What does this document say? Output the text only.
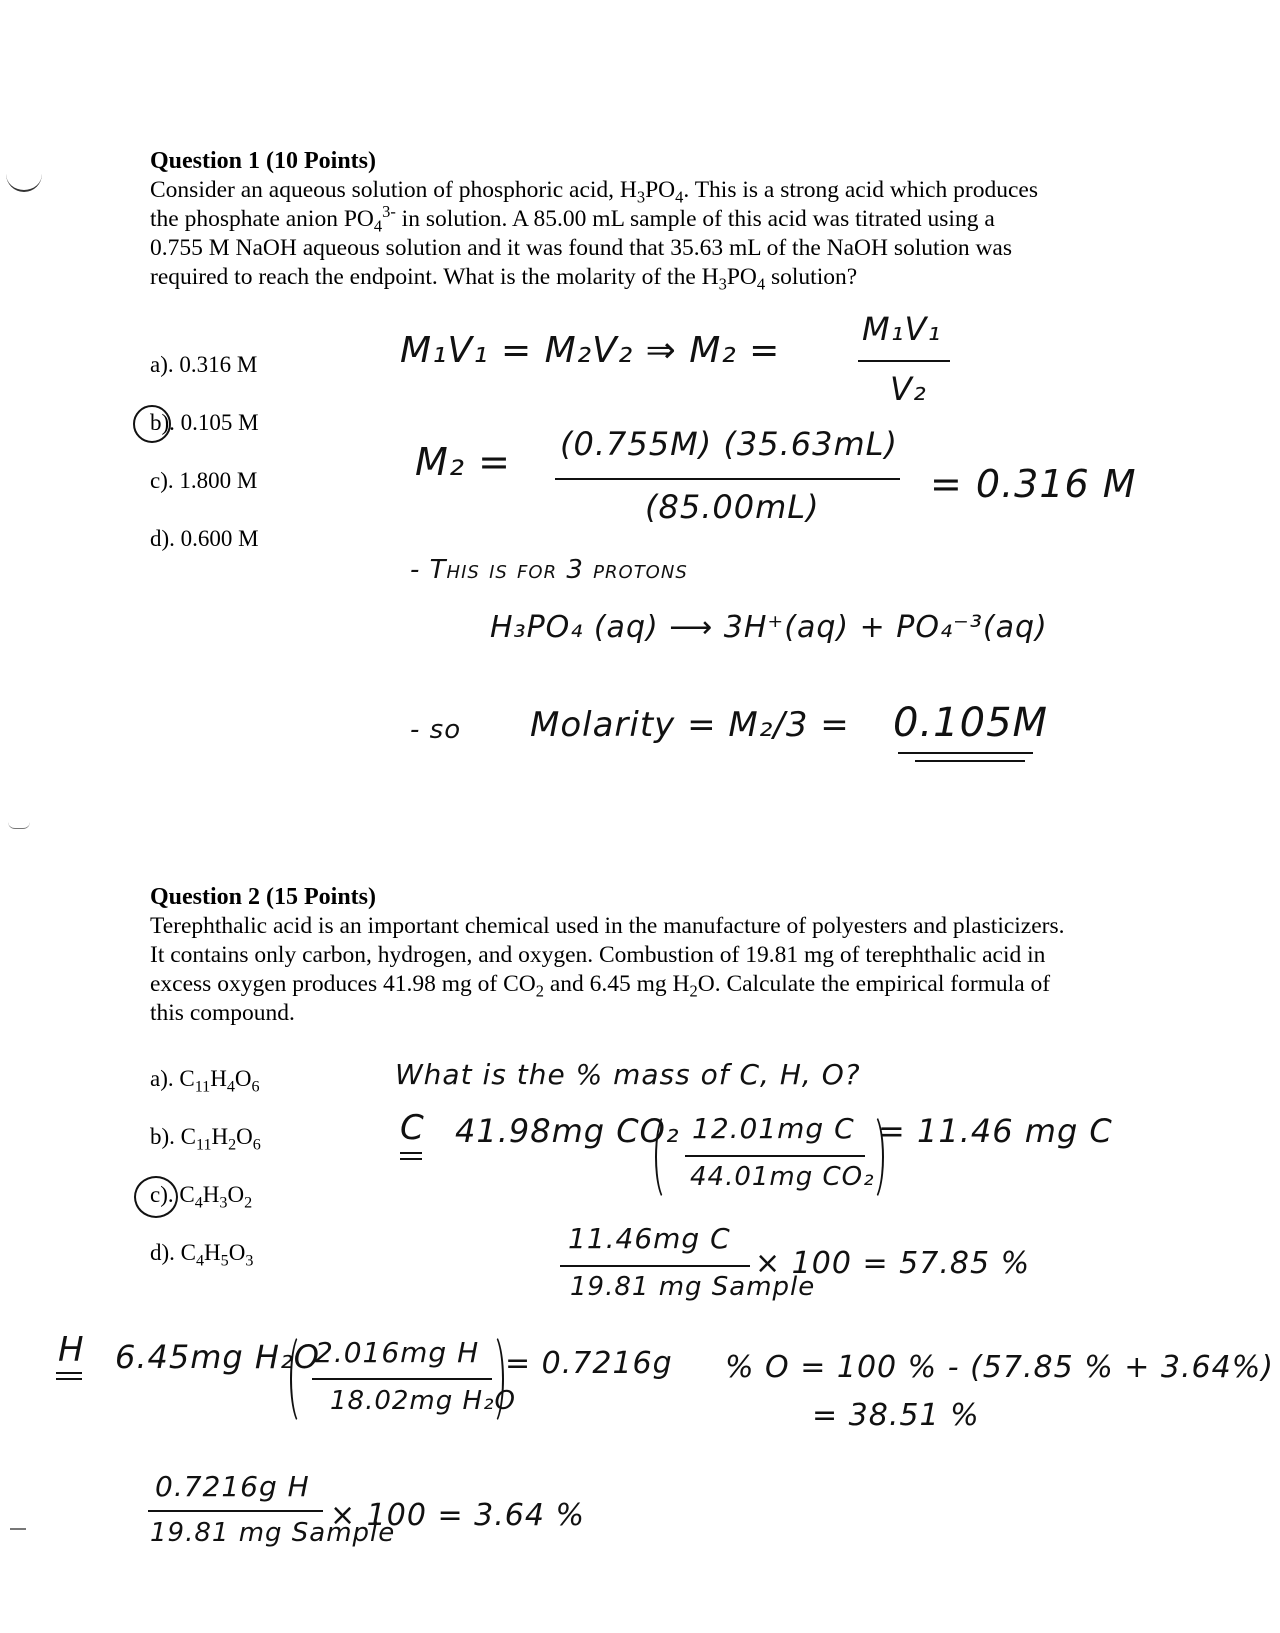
Question 1 (10 Points)
Consider an aqueous solution of phosphoric acid, $H_3PO_4$. This is a strong acid which produces the phosphate anion $PO_4^{3-}$ in solution. A 85.00 mL sample of this acid was titrated using a 0.755 M NaOH aqueous solution and it was found that 35.63 mL of the NaOH solution was required to reach the endpoint. What is the molarity of the $H_3PO_4$ solution?
a). 0.316 M
b). 0.105 M
c). 1.800 M
d). 0.600 M
M₁V₁ = M₂V₂ ⇒ M₂ =
M₁V₁
V₂
M₂ = (0.755M) (35.63mL)
(85.00mL)
= 0.316 M
- This is for 3 protons
H₃PO₄ (aq) ⟶ 3H⁺(aq) + PO₄⁻³(aq)
- so Molarity = M₂/3 = 0.105M
Question 2 (15 Points)
Terephthalic acid is an important chemical used in the manufacture of polyesters and plasticizers. It contains only carbon, hydrogen, and oxygen. Combustion of 19.81 mg of terephthalic acid in excess oxygen produces 41.98 mg of $CO_2$ and 6.45 mg $H_2O$. Calculate the empirical formula of this compound.
a). $C_{11}H_4O_6$
b). $C_{11}H_2O_6$
c). $C_4H_3O_2$
d). $C_4H_5O_3$
What is the % mass of C, H, O?
C 41.98mg CO₂ 12.01mg C
44.01mg CO₂
= 11.46 mg C
11.46mg C
19.81 mg Sample
× 100 = 57.85 %
H 6.45mg H₂O
2.016mg H
18.02mg H₂O
= 0.7216g % O = 100 % - (57.85 % + 3.64%)
= 38.51 %
0.7216g H
19.81 mg Sample
× 100 = 3.64 %
